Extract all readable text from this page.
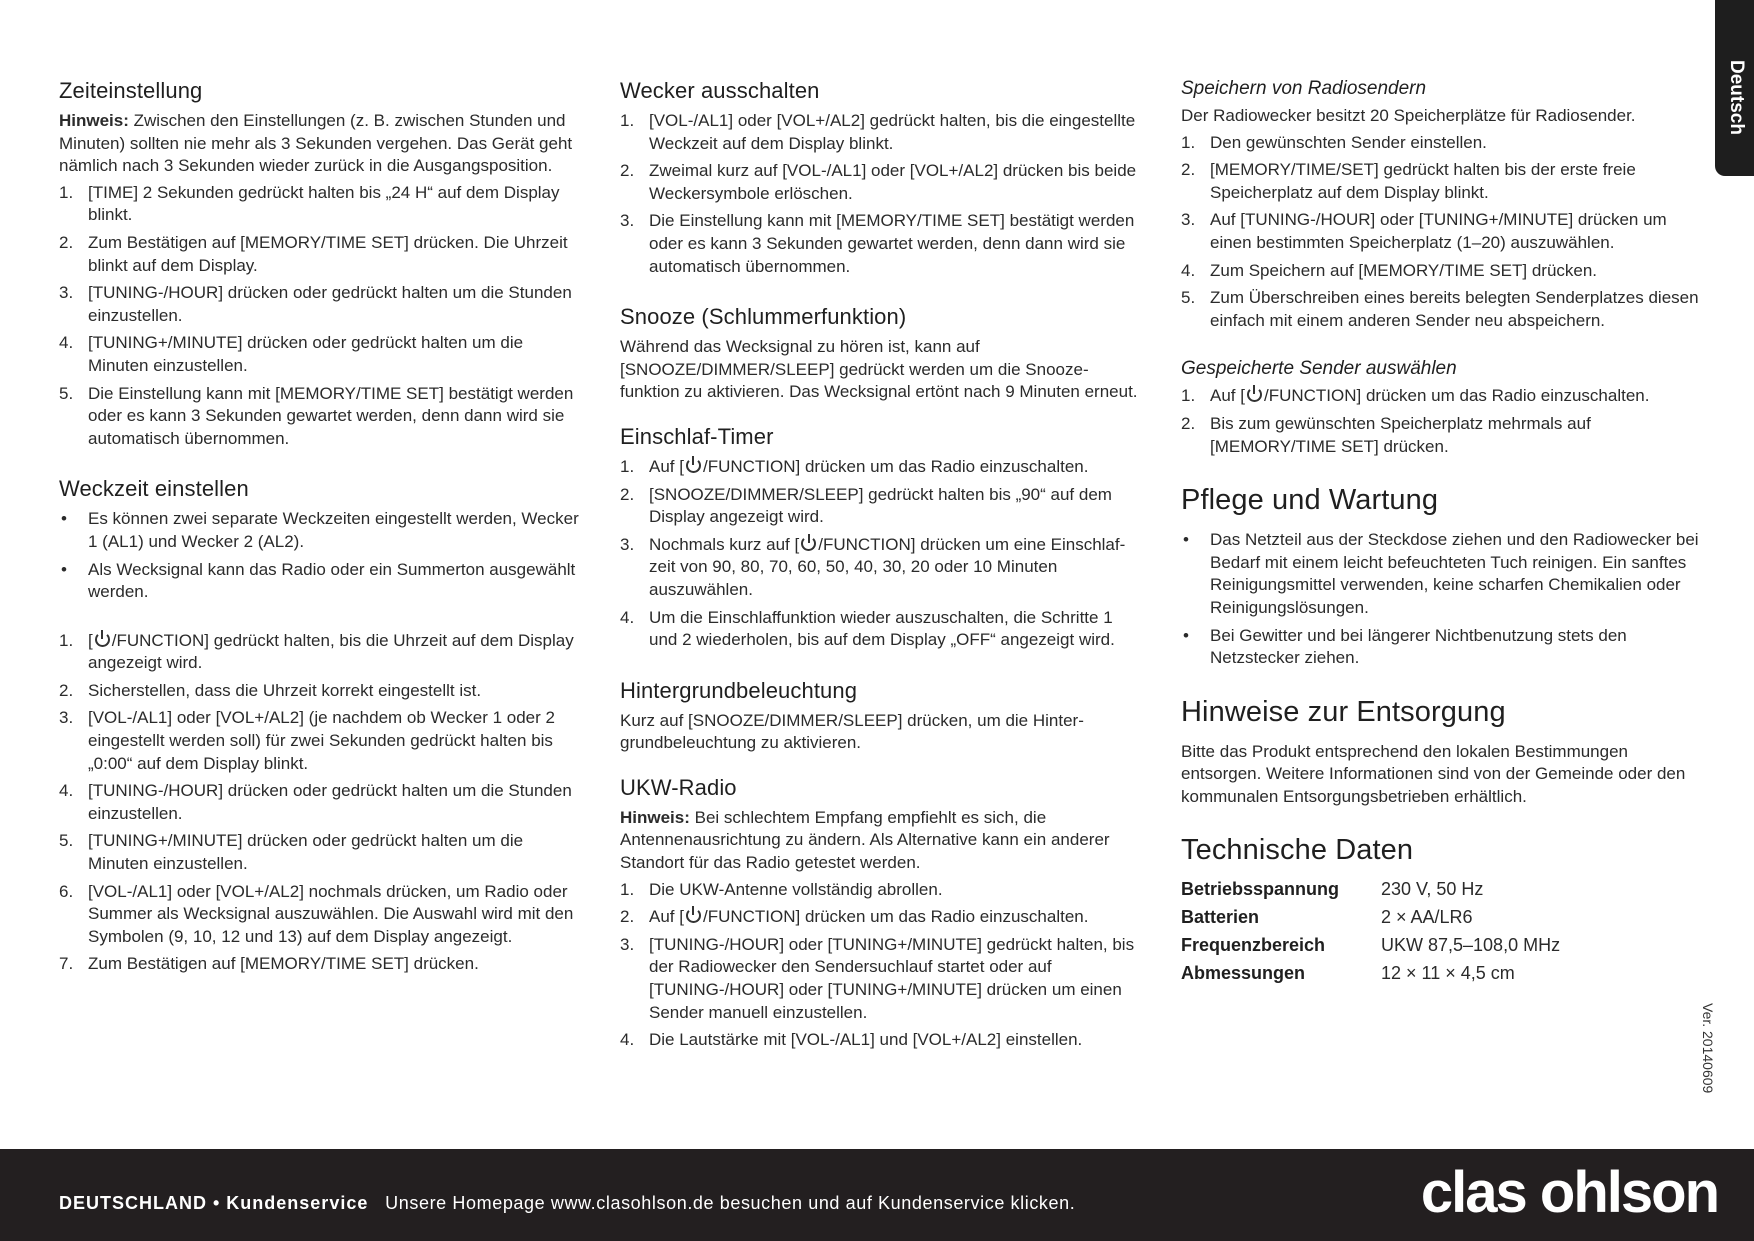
Deutsch
Zeiteinstellung

Hinweis: Zwischen den Einstellungen (z. B. zwischen Stunden und Minuten) sollten nie mehr als 3 Sekunden vergehen. Das Gerät geht nämlich nach 3 Sekunden wieder zurück in die Ausgangsposition.

1. [TIME] 2 Sekunden gedrückt halten bis „24 H“ auf dem Display blinkt.
2. Zum Bestätigen auf [MEMORY/TIME SET] drücken. Die Uhrzeit blinkt auf dem Display.
3. [TUNING-/HOUR] drücken oder gedrückt halten um die Stunden einzustellen.
4. [TUNING+/MINUTE] drücken oder gedrückt halten um die Minuten einzustellen.
5. Die Einstellung kann mit [MEMORY/TIME SET] bestätigt werden oder es kann 3 Sekunden gewartet werden, denn dann wird sie automatisch übernommen.
Weckzeit einstellen
• Es können zwei separate Weckzeiten eingestellt werden, Wecker 1 (AL1) und Wecker 2 (AL2).
• Als Wecksignal kann das Radio oder ein Summerton ausgewählt werden.
1. [ /FUNCTION] gedrückt halten, bis die Uhrzeit auf dem Display angezeigt wird.
2. Sicherstellen, dass die Uhrzeit korrekt eingestellt ist.
3. [VOL-/AL1] oder [VOL+/AL2] (je nachdem ob Wecker 1 oder 2 eingestellt werden soll) für zwei Sekunden gedrückt halten bis „0:00“ auf dem Display blinkt.
4. [TUNING-/HOUR] drücken oder gedrückt halten um die Stunden einzustellen.
5. [TUNING+/MINUTE] drücken oder gedrückt halten um die Minuten einzustellen.
6. [VOL-/AL1] oder [VOL+/AL2] nochmals drücken, um Radio oder Summer als Wecksignal auszuwählen. Die Auswahl wird mit den Symbolen (9, 10, 12 und 13) auf dem Display angezeigt.
7. Zum Bestätigen auf [MEMORY/TIME SET] drücken.
Wecker ausschalten
1. [VOL-/AL1] oder [VOL+/AL2] gedrückt halten, bis die eingestellte Weckzeit auf dem Display blinkt.
2. Zweimal kurz auf [VOL-/AL1] oder [VOL+/AL2] drücken bis beide Weckersymbole erlöschen.
3. Die Einstellung kann mit [MEMORY/TIME SET] bestätigt werden oder es kann 3 Sekunden gewartet werden, denn dann wird sie automatisch übernommen.
Snooze (Schlummerfunktion)

Während das Wecksignal zu hören ist, kann auf [SNOOZE/DIMMER/SLEEP] gedrückt werden um die Snooze-funktion zu aktivieren. Das Wecksignal ertönt nach 9 Minuten erneut.

Einschlaf-Timer
1. Auf [ /FUNCTION] drücken um das Radio einzuschalten.
2. [SNOOZE/DIMMER/SLEEP] gedrückt halten bis „90“ auf dem Display angezeigt wird.
3. Nochmals kurz auf [ /FUNCTION] drücken um eine Einschlaf-zeit von 90, 80, 70, 60, 50, 40, 30, 20 oder 10 Minuten auszuwählen.
4. Um die Einschlaffunktion wieder auszuschalten, die Schritte 1 und 2 wiederholen, bis auf dem Display „OFF“ angezeigt wird.
Hintergrundbeleuchtung

Kurz auf [SNOOZE/DIMMER/SLEEP] drücken, um die Hinter-grundbeleuchtung zu aktivieren.

UKW-Radio

Hinweis: Bei schlechtem Empfang empfiehlt es sich, die Antennenausrichtung zu ändern. Als Alternative kann ein anderer Standort für das Radio getestet werden.

1. Die UKW-Antenne vollständig abrollen.
2. Auf [ /FUNCTION] drücken um das Radio einzuschalten.
3. [TUNING-/HOUR] oder [TUNING+/MINUTE] gedrückt halten, bis der Radiowecker den Sendersuchlauf startet oder auf [TUNING-/HOUR] oder [TUNING+/MINUTE] drücken um einen Sender manuell einzustellen.
4. Die Lautstärke mit [VOL-/AL1] und [VOL+/AL2] einstellen.
Speichern von Radiosendern

Der Radiowecker besitzt 20 Speicherplätze für Radiosender.

1. Den gewünschten Sender einstellen.
2. [MEMORY/TIME/SET] gedrückt halten bis der erste freie Speicherplatz auf dem Display blinkt.
3. Auf [TUNING-/HOUR] oder [TUNING+/MINUTE] drücken um einen bestimmten Speicherplatz (1–20) auszuwählen.
4. Zum Speichern auf [MEMORY/TIME SET] drücken.
5. Zum Überschreiben eines bereits belegten Senderplatzes diesen einfach mit einem anderen Sender neu abspeichern.
Gespeicherte Sender auswählen
1. Auf [ /FUNCTION] drücken um das Radio einzuschalten.
2. Bis zum gewünschten Speicherplatz mehrmals auf [MEMORY/TIME SET] drücken.
Pflege und Wartung
• Das Netzteil aus der Steckdose ziehen und den Radiowecker bei Bedarf mit einem leicht befeuchteten Tuch reinigen. Ein sanftes Reinigungsmittel verwenden, keine scharfen Chemikalien oder Reinigungslösungen.
• Bei Gewitter und bei längerer Nichtbenutzung stets den Netzstecker ziehen.
Hinweise zur Entsorgung

Bitte das Produkt entsprechend den lokalen Bestimmungen entsorgen. Weitere Informationen sind von der Gemeinde oder den kommunalen Entsorgungsbetrieben erhältlich.

Technische Daten
Betriebsspannung	230 V, 50 Hz
Batterien	2 × AA/LR6
Frequenzbereich	UKW 87,5–108,0 MHz
Abmessungen	12 × 11 × 4,5 cm
Ver. 20140609
DEUTSCHLAND • Kundenservice Unsere Homepage www.clasohlson.de besuchen und auf Kundenservice klicken.	clas ohlson
